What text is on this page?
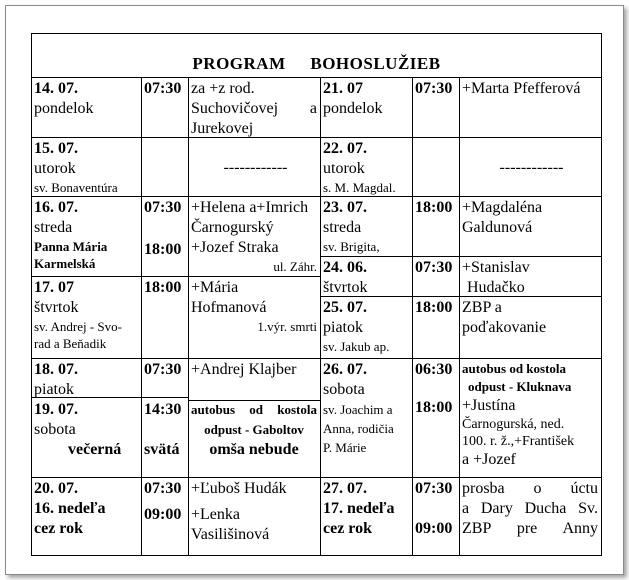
PROGRAM BOHOSLUŽIEB
14. 07.
pondelok
07:30 za +z rod.
Suchovičovej a
Jurekovej
15. 07.
utorok
sv. Bonaventúra
------------
16. 07.
streda
Panna Mária
Karmelská
07:30
18:00
+Helena a+Imrich
Čarnogurský
+Jozef Straka
ul. Záhr.
17. 07
štvrtok
sv. Andrej - Svo-
rad a Beňadik
18:00 +Mária
Hofmanová
1.výr. smrti
18. 07.
piatok
07:30 +Andrej Klajber
19. 07.
sobota
večerná
14:30
svätá
autobus od kostola
odpust - Gaboltov
omša nebude
20. 07.
16. nedeľa
cez rok
07:30
09:00
+Ľuboš Hudák
+Lenka
Vasilišinová
21. 07
pondelok
07:30 +Marta Pfefferová
22. 07.
utorok
s. M. Magdal.
------------
23. 07.
streda
sv. Brigita,
18:00 +Magdaléna
Galdunová
24. 06.
štvrtok
07:30 +Stanislav
Hudačko
25. 07.
piatok
sv. Jakub ap.
18:00 ZBP a
poďakovanie
26. 07.
sobota
sv. Joachim a
Anna, rodičia
P. Márie
06:30
18:00
autobus od kostola
odpust - Kluknava
+Justína
Čarnogurská, ned.
100. r. ž.,+František
a +Jozef
27. 07.
17. nedeľa
cez rok
07:30
09:00
prosba o úctu
a Dary Ducha Sv.
ZBP pre Anny
